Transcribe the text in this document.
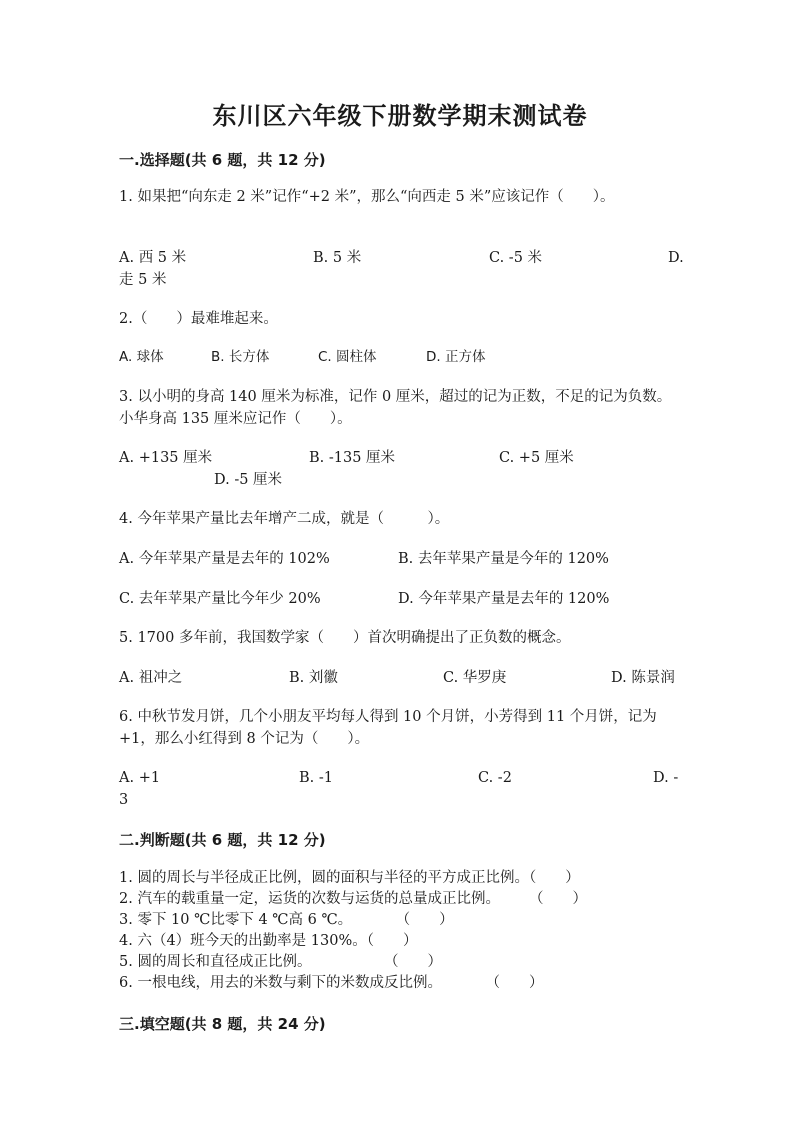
东川区六年级下册数学期末测试卷
一.选择题(共 6 题，共 12 分)
1. 如果把“向东走 2 米”记作“+2 米”，那么“向西走 5 米”应该记作（　　）。
A. 西 5 米	B. 5 米	C. -5 米	D.
走 5 米
2.（　　）最难堆起来。
A. 球体	B. 长方体	C. 圆柱体	D. 正方体
3. 以小明的身高 140 厘米为标准，记作 0 厘米，超过的记为正数，不足的记为负数。小华身高 135 厘米应记作（　　）。
A. +135 厘米	B. -135 厘米	C. +5 厘米
D. -5 厘米
4. 今年苹果产量比去年增产二成，就是（　　　）。
A. 今年苹果产量是去年的 102%	B. 去年苹果产量是今年的 120%
C. 去年苹果产量比今年少 20%	D. 今年苹果产量是去年的 120%
5. 1700 多年前，我国数学家（　　）首次明确提出了正负数的概念。
A. 祖冲之	B. 刘徽	C. 华罗庚	D. 陈景润
6. 中秋节发月饼，几个小朋友平均每人得到 10 个月饼，小芳得到 11 个月饼，记为+1，那么小红得到 8 个记为（　　）。
A. +1	B. -1	C. -2	D. -
3
二.判断题(共 6 题，共 12 分)
1. 圆的周长与半径成正比例，圆的面积与半径的平方成正比例。（　　）
2. 汽车的载重量一定，运货的次数与运货的总量成正比例。　　　（　　）
3. 零下 10 ℃比零下 4 ℃高 6 ℃。　　　　（　　）
4. 六（4）班今天的出勤率是 130%。（　　）
5. 圆的周长和直径成正比例。　　　　　　（　　）
6. 一根电线，用去的米数与剩下的米数成反比例。　　　　（　　）
三.填空题(共 8 题，共 24 分)
